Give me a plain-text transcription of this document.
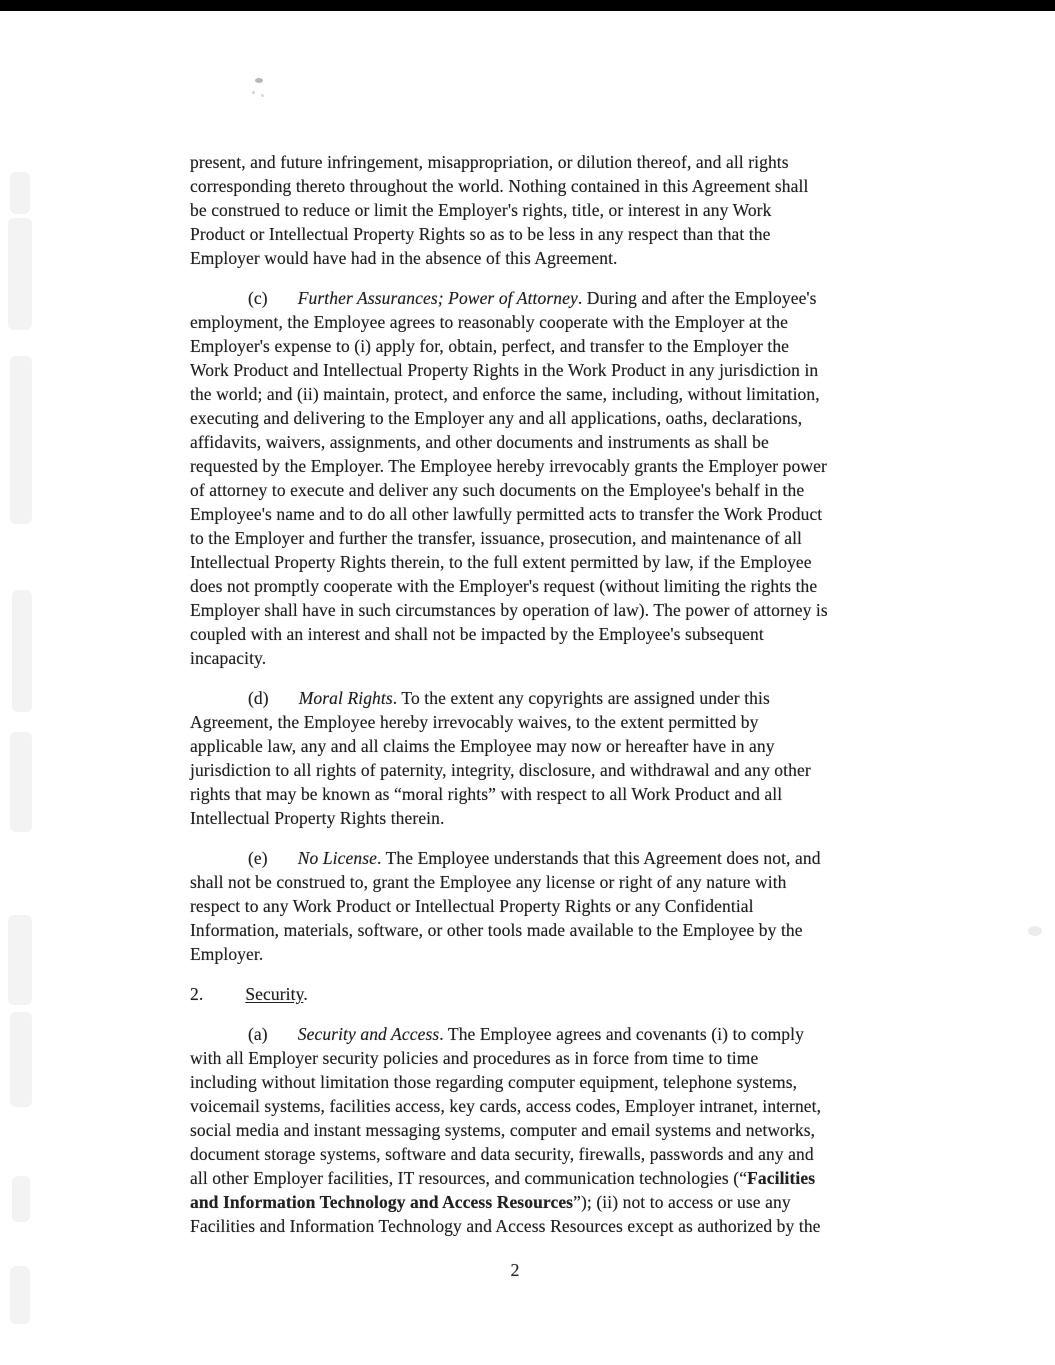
present, and future infringement, misappropriation, or dilution thereof, and all rights
corresponding thereto throughout the world. Nothing contained in this Agreement shall
be construed to reduce or limit the Employer's rights, title, or interest in any Work
Product or Intellectual Property Rights so as to be less in any respect than that the
Employer would have had in the absence of this Agreement.
(c) Further Assurances; Power of Attorney. During and after the Employee's
employment, the Employee agrees to reasonably cooperate with the Employer at the
Employer's expense to (i) apply for, obtain, perfect, and transfer to the Employer the
Work Product and Intellectual Property Rights in the Work Product in any jurisdiction in
the world; and (ii) maintain, protect, and enforce the same, including, without limitation,
executing and delivering to the Employer any and all applications, oaths, declarations,
affidavits, waivers, assignments, and other documents and instruments as shall be
requested by the Employer. The Employee hereby irrevocably grants the Employer power
of attorney to execute and deliver any such documents on the Employee's behalf in the
Employee's name and to do all other lawfully permitted acts to transfer the Work Product
to the Employer and further the transfer, issuance, prosecution, and maintenance of all
Intellectual Property Rights therein, to the full extent permitted by law, if the Employee
does not promptly cooperate with the Employer's request (without limiting the rights the
Employer shall have in such circumstances by operation of law). The power of attorney is
coupled with an interest and shall not be impacted by the Employee's subsequent
incapacity.
(d) Moral Rights. To the extent any copyrights are assigned under this
Agreement, the Employee hereby irrevocably waives, to the extent permitted by
applicable law, any and all claims the Employee may now or hereafter have in any
jurisdiction to all rights of paternity, integrity, disclosure, and withdrawal and any other
rights that may be known as “moral rights” with respect to all Work Product and all
Intellectual Property Rights therein.
(e) No License. The Employee understands that this Agreement does not, and
shall not be construed to, grant the Employee any license or right of any nature with
respect to any Work Product or Intellectual Property Rights or any Confidential
Information, materials, software, or other tools made available to the Employee by the
Employer.
2. Security.
(a) Security and Access. The Employee agrees and covenants (i) to comply
with all Employer security policies and procedures as in force from time to time
including without limitation those regarding computer equipment, telephone systems,
voicemail systems, facilities access, key cards, access codes, Employer intranet, internet,
social media and instant messaging systems, computer and email systems and networks,
document storage systems, software and data security, firewalls, passwords and any and
all other Employer facilities, IT resources, and communication technologies (“Facilities
and Information Technology and Access Resources”); (ii) not to access or use any
Facilities and Information Technology and Access Resources except as authorized by the
2
